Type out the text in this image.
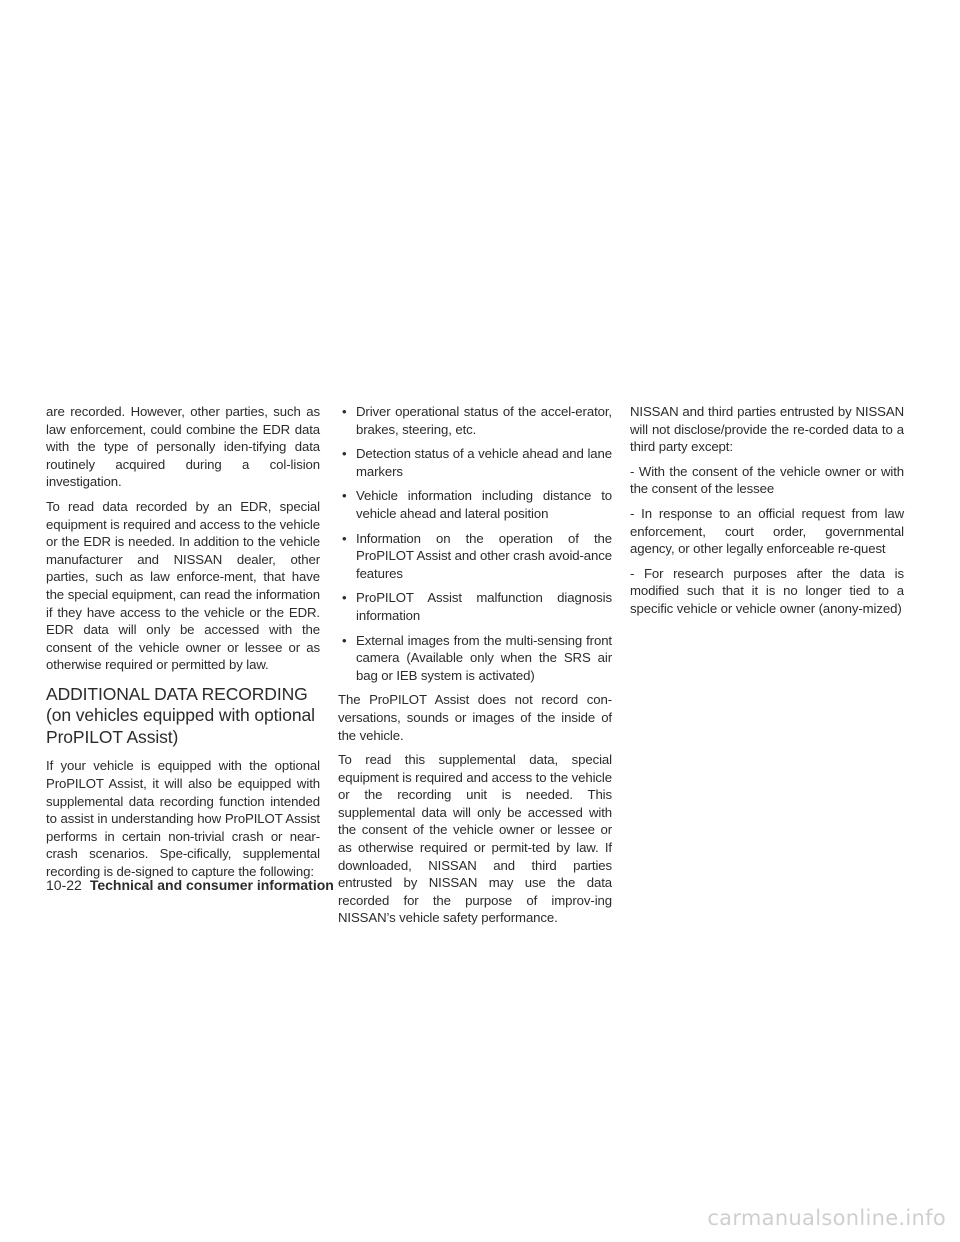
are recorded. However, other parties, such as law enforcement, could combine the EDR data with the type of personally iden-tifying data routinely acquired during a col-lision investigation.

To read data recorded by an EDR, special equipment is required and access to the vehicle or the EDR is needed. In addition to the vehicle manufacturer and NISSAN dealer, other parties, such as law enforce-ment, that have the special equipment, can read the information if they have access to the vehicle or the EDR. EDR data will only be accessed with the consent of the vehicle owner or lessee or as otherwise required or permitted by law.

ADDITIONAL DATA RECORDING (on vehicles equipped with optional ProPILOT Assist)

If your vehicle is equipped with the optional ProPILOT Assist, it will also be equipped with supplemental data recording function intended to assist in understanding how ProPILOT Assist performs in certain non-trivial crash or near-crash scenarios. Spe-cifically, supplemental recording is de-signed to capture the following:

• Driver operational status of the accel-erator, brakes, steering, etc.
• Detection status of a vehicle ahead and lane markers
• Vehicle information including distance to vehicle ahead and lateral position
• Information on the operation of the ProPILOT Assist and other crash avoid-ance features
• ProPILOT Assist malfunction diagnosis information
• External images from the multi-sensing front camera (Available only when the SRS air bag or IEB system is activated)

The ProPILOT Assist does not record con-versations, sounds or images of the inside of the vehicle.

To read this supplemental data, special equipment is required and access to the vehicle or the recording unit is needed. This supplemental data will only be accessed with the consent of the vehicle owner or lessee or as otherwise required or permit-ted by law. If downloaded, NISSAN and third parties entrusted by NISSAN may use the data recorded for the purpose of improv-ing NISSAN’s vehicle safety performance.

NISSAN and third parties entrusted by NISSAN will not disclose/provide the re-corded data to a third party except:

- With the consent of the vehicle owner or with the consent of the lessee

- In response to an official request from law enforcement, court order, governmental agency, or other legally enforceable re-quest

- For research purposes after the data is modified such that it is no longer tied to a specific vehicle or vehicle owner (anony-mized)

10-22 Technical and consumer information
carmanualsonline.info
